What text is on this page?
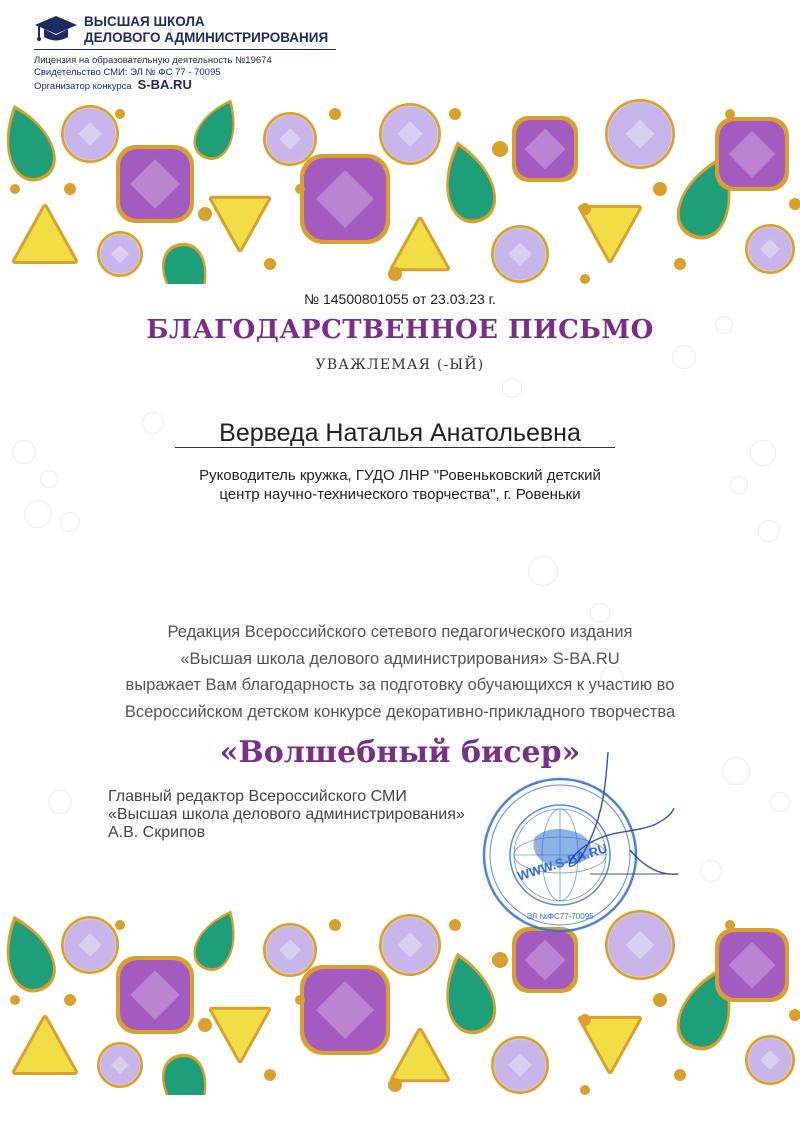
ВЫСШАЯ ШКОЛА
ДЕЛОВОГО АДМИНИСТРИРОВАНИЯ
Лицензия на образовательную деятельность №19674
Свидетельство СМИ: ЭЛ № ФС 77 - 70095
Организатор конкурса S-BA.RU
№ 14500801055 от 23.03.23 г.
БЛАГОДАРСТВЕННОЕ ПИСЬМО
УВАЖЛЕМАЯ (-ЫЙ)
Верведа Наталья Анатольевна
Руководитель кружка, ГУДО ЛНР "Ровеньковский детский
центр научно-технического творчества", г. Ровеньки
Редакция Всероссийского сетевого педагогического издания
«Высшая школа делового администрирования» S-BA.RU
выражает Вам благодарность за подготовку обучающихся к участию во
Всероссийском детском конкурсе декоративно-прикладного творчества
«Волшебный бисер»
Главный редактор Всероссийского СМИ
«Высшая школа делового администрирования»
А.В. Скрипов
WWW.S-BA.RU
ЭЛ №ФС77-70095
